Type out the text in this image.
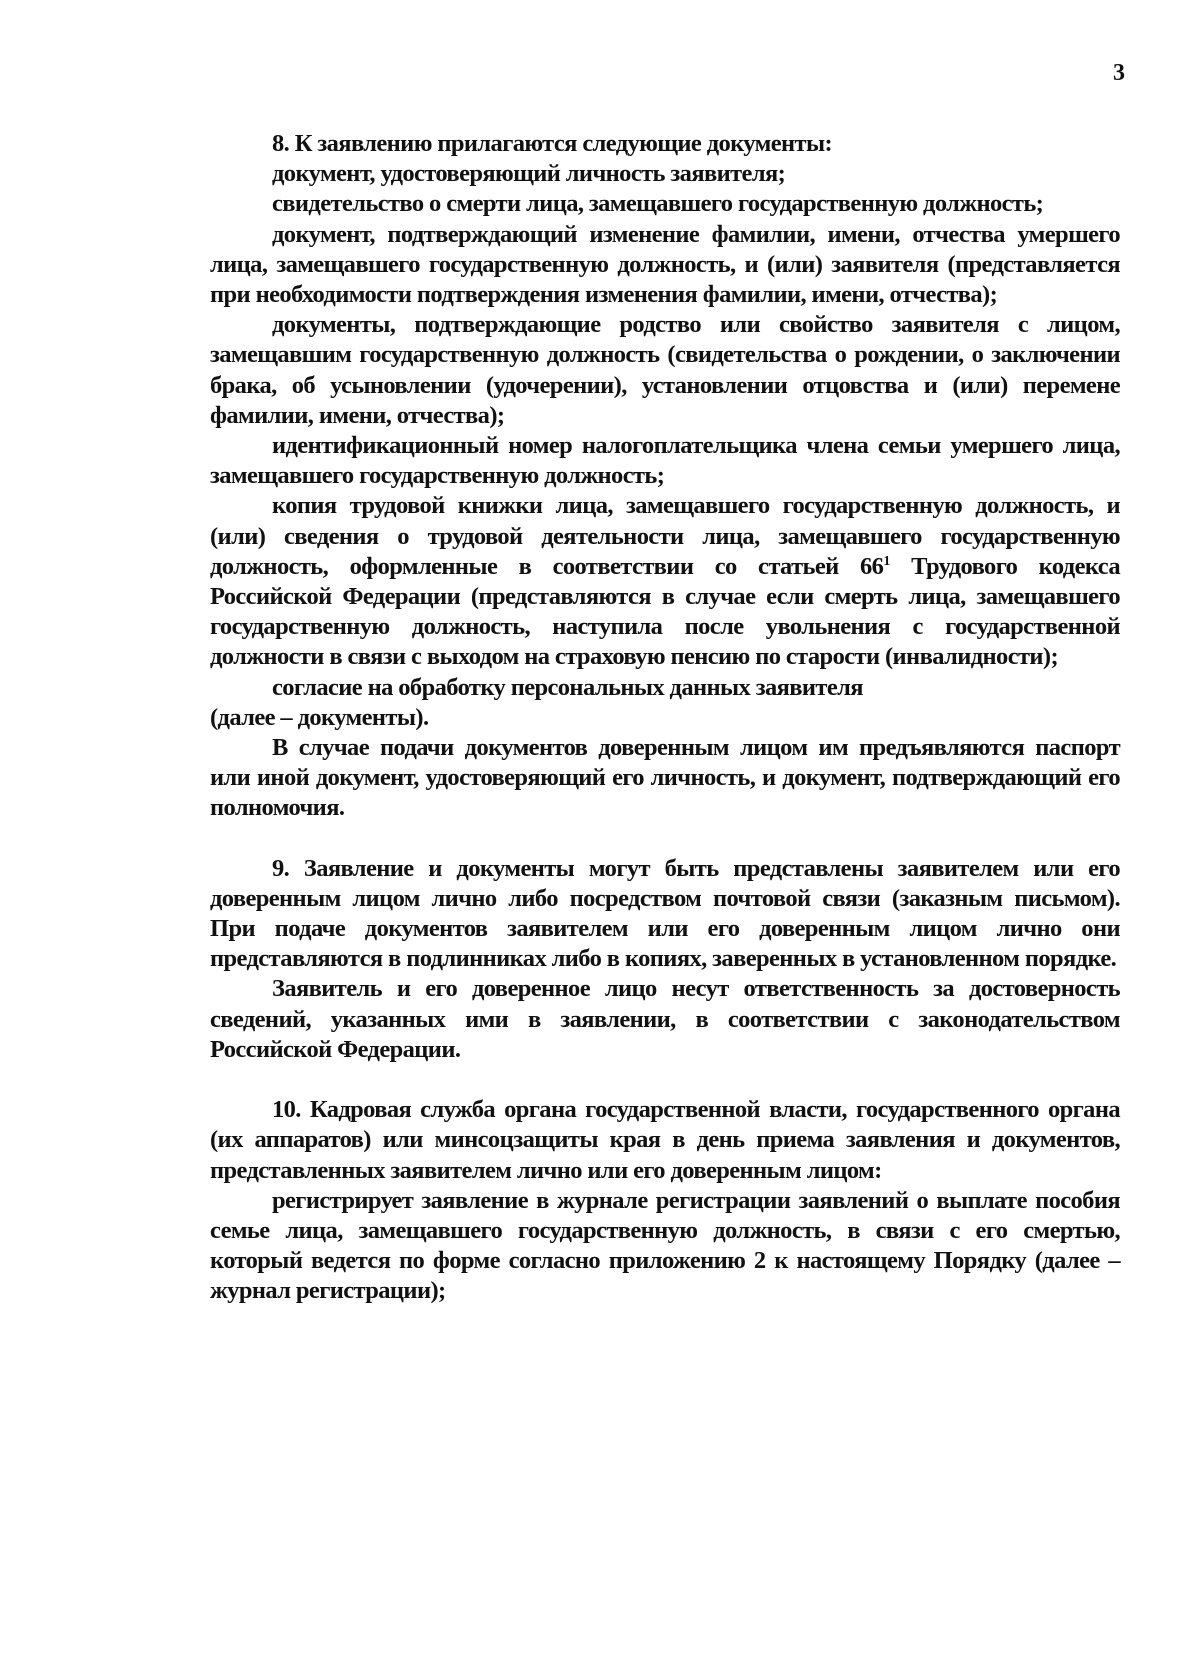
3

8. К заявлению прилагаются следующие документы:

документ, удостоверяющий личность заявителя;

свидетельство о смерти лица, замещавшего государственную должность;

документ, подтверждающий изменение фамилии, имени, отчества умершего лица, замещавшего государственную должность, и (или) заявителя (представляется при необходимости подтверждения изменения фамилии, имени, отчества);

документы, подтверждающие родство или свойство заявителя с лицом, замещавшим государственную должность (свидетельства о рождении, о заключении брака, об усыновлении (удочерении), установлении отцовства и (или) перемене фамилии, имени, отчества);

идентификационный номер налогоплательщика члена семьи умершего лица, замещавшего государственную должность;

копия трудовой книжки лица, замещавшего государственную должность, и (или) сведения о трудовой деятельности лица, замещавшего государственную должность, оформленные в соответствии со статьей $66^1$ Трудового кодекса Российской Федерации (представляются в случае если смерть лица, замещавшего государственную должность, наступила после увольнения с государственной должности в связи с выходом на страховую пенсию по старости (инвалидности);

согласие на обработку персональных данных заявителя

(далее – документы).

В случае подачи документов доверенным лицом им предъявляются паспорт или иной документ, удостоверяющий его личность, и документ, подтверждающий его полномочия.

9. Заявление и документы могут быть представлены заявителем или его доверенным лицом лично либо посредством почтовой связи (заказным письмом). При подаче документов заявителем или его доверенным лицом лично они представляются в подлинниках либо в копиях, заверенных в установленном порядке.

Заявитель и его доверенное лицо несут ответственность за достоверность сведений, указанных ими в заявлении, в соответствии с законодательством Российской Федерации.

10. Кадровая служба органа государственной власти, государственного органа (их аппаратов) или минсоцзащиты края в день приема заявления и документов, представленных заявителем лично или его доверенным лицом:

регистрирует заявление в журнале регистрации заявлений о выплате пособия семье лица, замещавшего государственную должность, в связи с его смертью, который ведется по форме согласно приложению 2 к настоящему Порядку (далее – журнал регистрации);
